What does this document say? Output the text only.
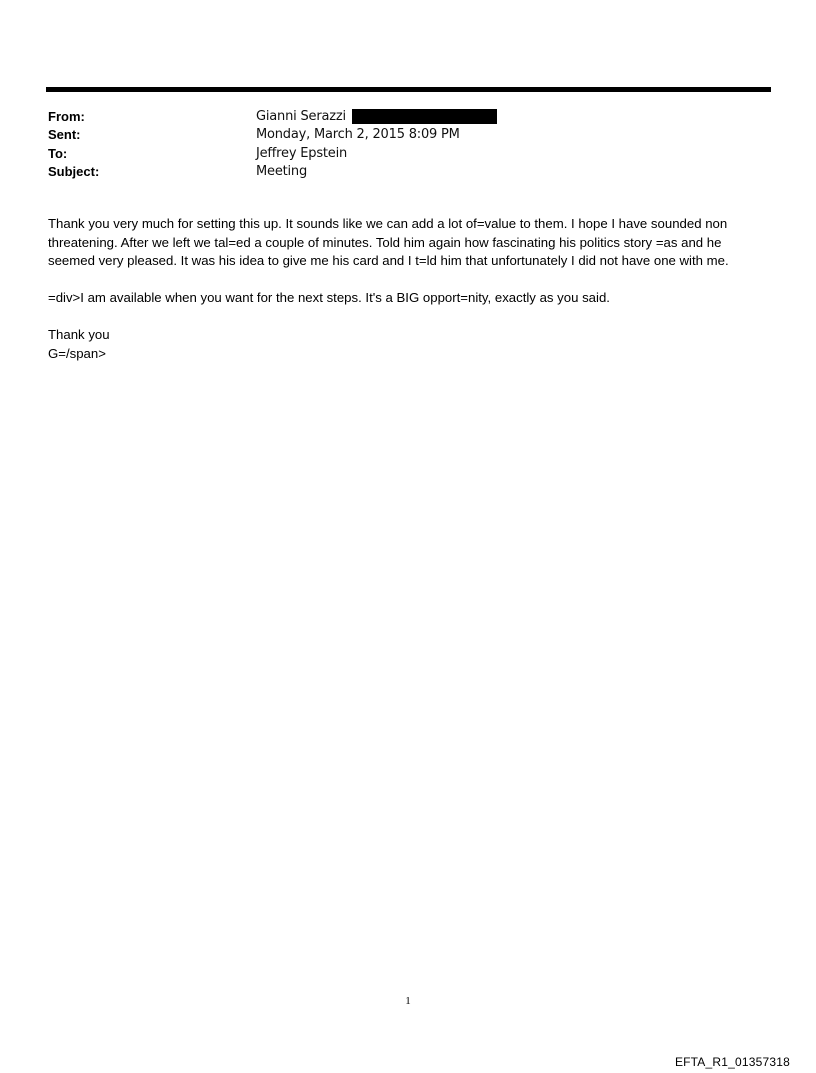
From:	Gianni Serazzi
Sent:	Monday, March 2, 2015 8:09 PM
To:	Jeffrey Epstein
Subject:	Meeting

Thank you very much for setting this up. It sounds like we can add a lot of=value to them. I hope I have sounded non threatening. After we left we tal=ed a couple of minutes. Told him again how fascinating his politics story =as and he seemed very pleased. It was his idea to give me his card and I t=ld him that unfortunately I did not have one with me.

=div>I am available when you want for the next steps. It's a BIG opport=nity, exactly as you said.

Thank you

G=/span>

1
EFTA_R1_01357318
